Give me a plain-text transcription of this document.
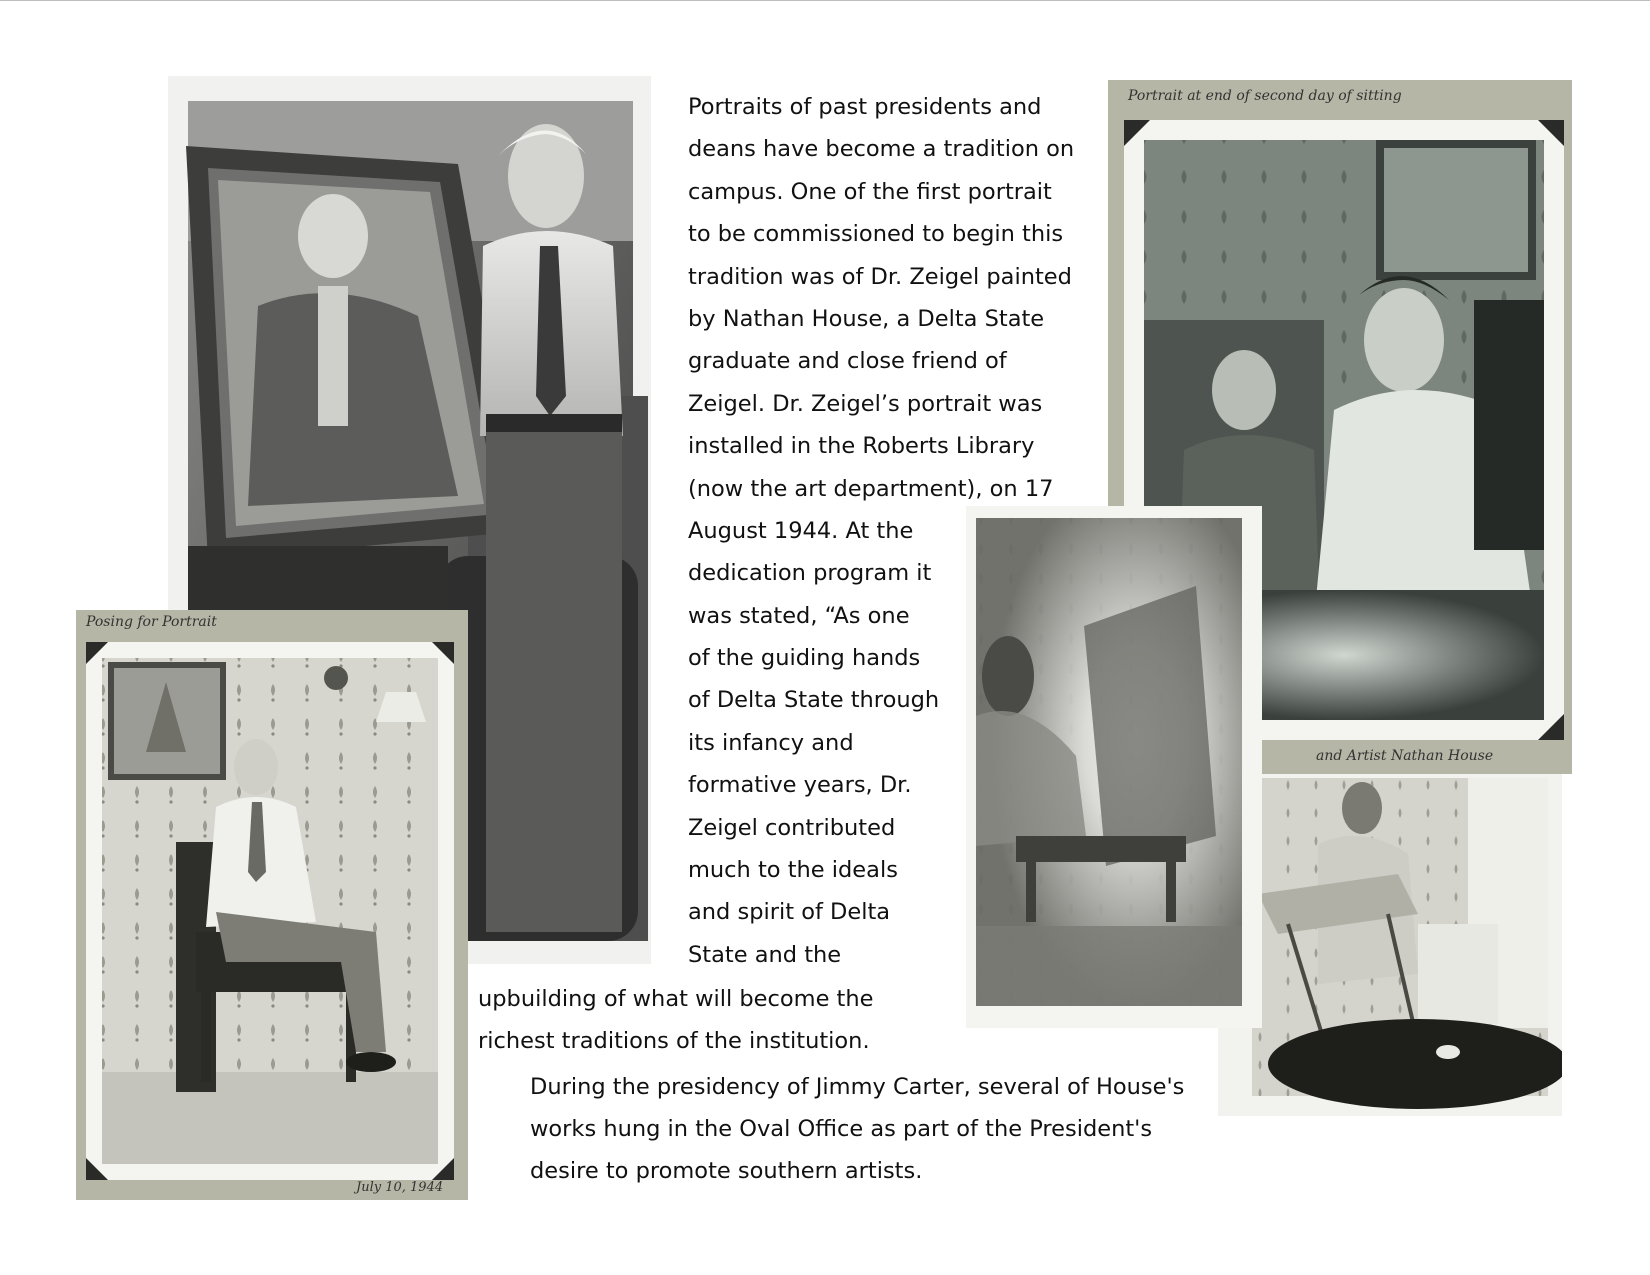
Portraits of past presidents and
deans have become a tradition on
campus. One of the first portrait
to be commissioned to begin this
tradition was of Dr. Zeigel painted
by Nathan House, a Delta State
graduate and close friend of
Zeigel. Dr. Zeigel’s portrait was
installed in the Roberts Library
(now the art department), on 17
August 1944. At the
dedication program it
was stated, “As one
of the guiding hands
of Delta State through
its infancy and
formative years, Dr.
Zeigel contributed
much to the ideals
and spirit of Delta
State and the
Posing for Portrait
July 10, 1944
Portrait at end of second day of sitting
and Artist Nathan House
upbuilding of what will become the
richest traditions of the institution.
During the presidency of Jimmy Carter, several of House's
works hung in the Oval Office as part of the President's
desire to promote southern artists.
